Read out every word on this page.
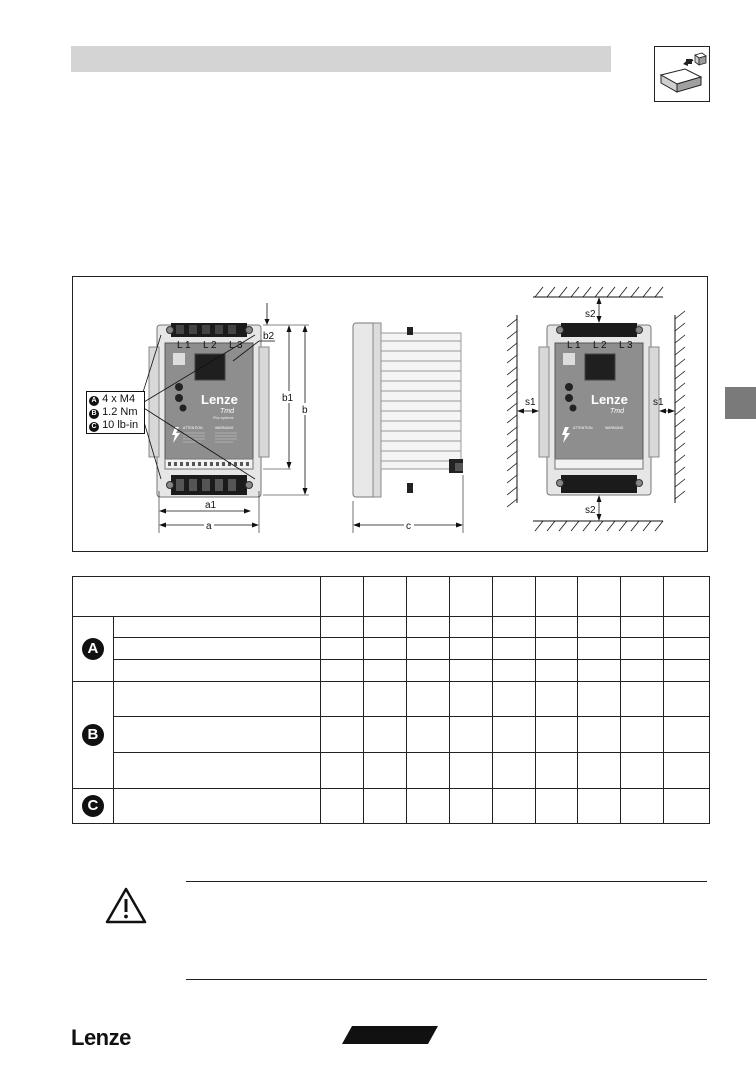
L 1 L 2 L 3
Lenze
Tmd
Plus systems
ATTENTION	WARNUNG
b2
b1
b
a1
a	c
L 1 L 2 L 3
Lenze
Tmd
ATTENTION	WARNUNG
s2
s2
s1	s1
A 4 x M4
B 1.2 Nm
C 10 lb-in

A										

B										

C										
Lenze
